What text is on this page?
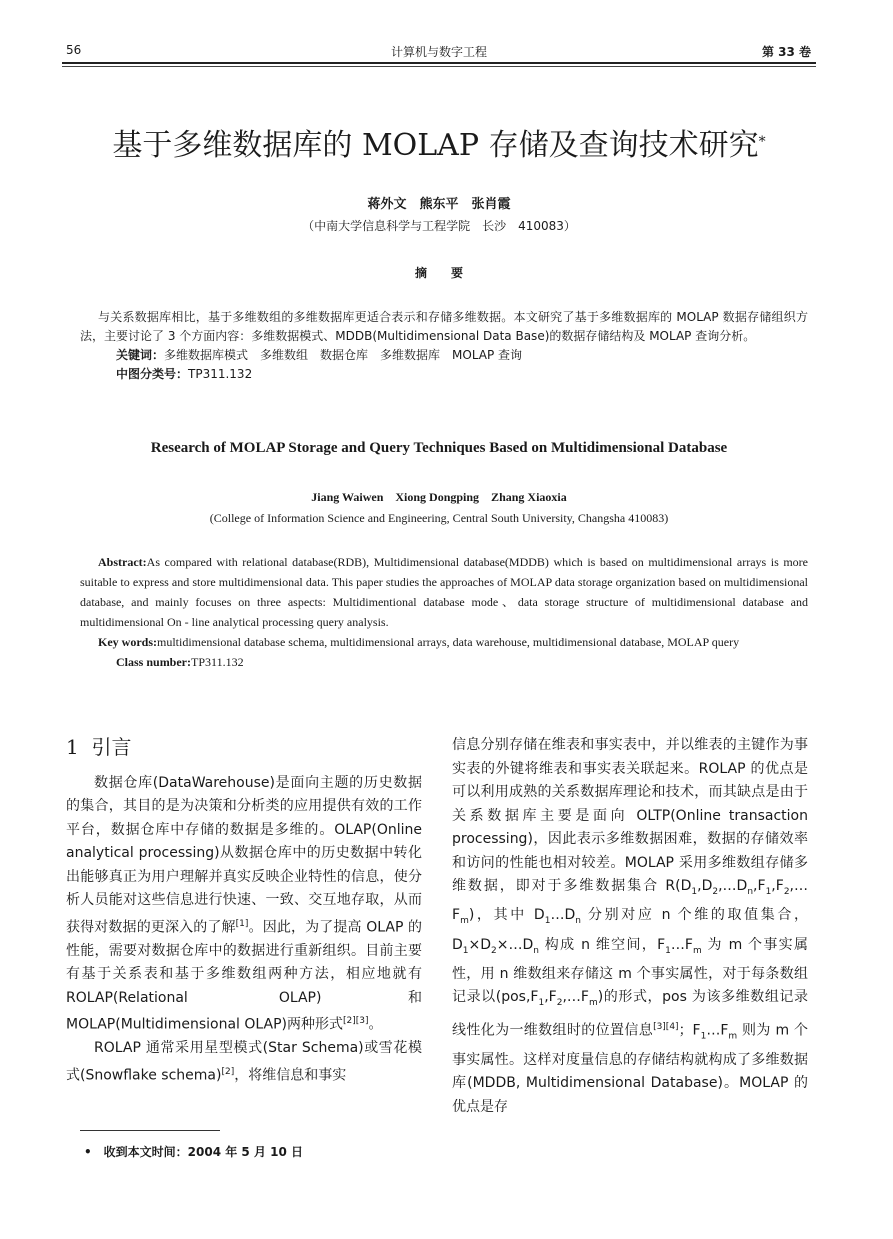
56	计算机与数字工程	第 33 卷
基于多维数据库的 MOLAP 存储及查询技术研究*
蒋外文　熊东平　张肖霞
（中南大学信息科学与工程学院　长沙　410083）
摘　　要

与关系数据库相比，基于多维数组的多维数据库更适合表示和存储多维数据。本文研究了基于多维数据库的 MOLAP 数据存储组织方法，主要讨论了 3 个方面内容：多维数据模式、MDDB(Multidimensional Data Base)的数据存储结构及 MOLAP 查询分析。

关键词：多维数据库模式　多维数组　数据仓库　多维数据库　MOLAP 查询

中图分类号：TP311.132

Research of MOLAP Storage and Query Techniques Based on Multidimensional Database
Jiang Waiwen　Xiong Dongping　Zhang Xiaoxia
(College of Information Science and Engineering, Central South University, Changsha 410083)

Abstract:As compared with relational database(RDB), Multidimensional database(MDDB) which is based on multidimensional arrays is more suitable to express and store multidimensional data. This paper studies the approaches of MOLAP data storage organization based on multidimensional database, and mainly focuses on three aspects: Multidimentional database mode、data storage structure of multidimensional database and multidimensional On - line analytical processing query analysis.

Key words:multidimensional database schema, multidimensional arrays, data warehouse, multidimensional database, MOLAP query

Class number:TP311.132

1 引言

数据仓库(DataWarehouse)是面向主题的历史数据的集合，其目的是为决策和分析类的应用提供有效的工作平台，数据仓库中存储的数据是多维的。OLAP(Online analytical processing)从数据仓库中的历史数据中转化出能够真正为用户理解并真实反映企业特性的信息，使分析人员能对这些信息进行快速、一致、交互地存取，从而获得对数据的更深入的了解[1]。因此，为了提高 OLAP 的性能，需要对数据仓库中的数据进行重新组织。目前主要有基于关系表和基于多维数组两种方法，相应地就有 ROLAP(Relational OLAP)和 MOLAP(Multidimensional OLAP)两种形式[2][3]。

ROLAP 通常采用星型模式(Star Schema)或雪花模式(Snowflake schema)[2]，将维信息和事实

信息分别存储在维表和事实表中，并以维表的主键作为事实表的外键将维表和事实表关联起来。ROLAP 的优点是可以利用成熟的关系数据库理论和技术，而其缺点是由于关系数据库主要是面向 OLTP(Online transaction processing)，因此表示多维数据困难，数据的存储效率和访问的性能也相对较差。MOLAP 采用多维数组存储多维数据，即对于多维数据集合 $R(D_1,D_2,\dots D_n,F_1,F_2,\dots F_m)$，其中 $D_1\dots D_n$ 分别对应 n 个维的取值集合，$D_1\times D_2\times\dots D_n$ 构成 n 维空间，$F_1\dots F_m$ 为 m 个事实属性，用 n 维数组来存储这 m 个事实属性，对于每条数组记录以$(pos,F_1,F_2,\dots F_m)$的形式，pos 为该多维数组记录线性化为一维数组时的位置信息[3][4]；$F_1\dots F_m$ 则为 m 个事实属性。这样对度量信息的存储结构就构成了多维数据库(MDDB, Multidimensional Database)。MOLAP 的优点是存

•　收到本文时间：2004 年 5 月 10 日
